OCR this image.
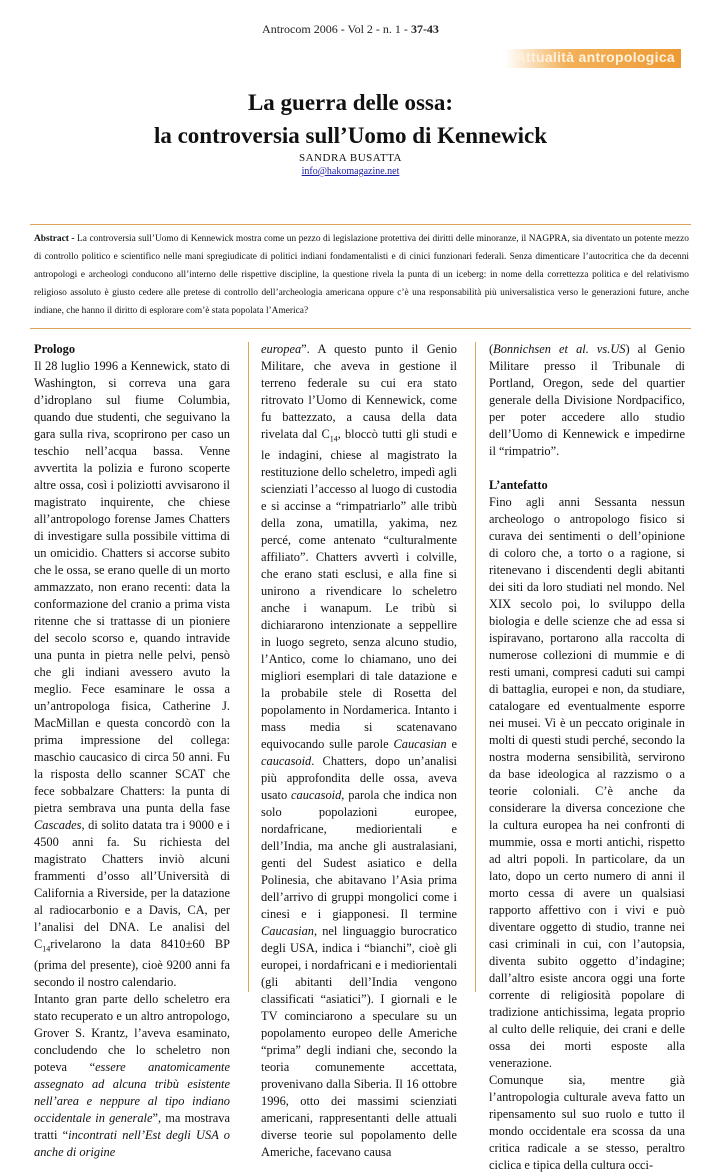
Antrocom 2006 - Vol 2 - n. 1 - 37-43
Attualità antropologica
La guerra delle ossa:
la controversia sull’Uomo di Kennewick
SANDRA BUSATTA
info@hakomagazine.net
Abstract - La controversia sull’Uomo di Kennewick mostra come un pezzo di legislazione protettiva dei diritti delle minoranze, il NAGPRA, sia diventato un potente mezzo di controllo politico e scientifico nelle mani spregiudicate di politici indiani fondamentalisti e di cinici funzionari federali. Senza dimenticare l’autocritica che da decenni antropologi e archeologi conducono all’interno delle rispettive discipline, la questione rivela la punta di un iceberg: in nome della correttezza politica e del relativismo religioso assoluto è giusto cedere alle pretese di controllo dell’archeologia americana oppure c’è una responsabilità più universalistica verso le generazioni future, anche indiane, che hanno il diritto di esplorare com’è stata popolata l’America?
Prologo

Il 28 luglio 1996 a Kennewick, stato di Washington, si correva una gara d’idroplano sul fiume Columbia, quando due studenti, che seguivano la gara sulla riva, scoprirono per caso un teschio nell’acqua bassa. Venne avvertita la polizia e furono scoperte altre ossa, così i poliziotti avvisarono il magistrato inquirente, che chiese all’antropologo forense James Chatters di investigare sulla possibile vittima di un omicidio. Chatters si accorse subito che le ossa, se erano quelle di un morto ammazzato, non erano recenti: data la conformazione del cranio a prima vista ritenne che si trattasse di un pioniere del secolo scorso e, quando intravide una punta in pietra nelle pelvi, pensò che gli indiani avessero avuto la meglio. Fece esaminare le ossa a un’antropologa fisica, Catherine J. MacMillan e questa concordò con la prima impressione del collega: maschio caucasico di circa 50 anni. Fu la risposta dello scanner SCAT che fece sobbalzare Chatters: la punta di pietra sembrava una punta della fase Cascades, di solito datata tra i 9000 e i 4500 anni fa. Su richiesta del magistrato Chatters inviò alcuni frammenti d’osso all’Università di California a Riverside, per la datazione al radiocarbonio e a Davis, CA, per l’analisi del DNA. Le analisi del $C_{14}rivelarono$ la data 8410±60 BP (prima del presente), cioè 9200 anni fa secondo il nostro calendario.

Intanto gran parte dello scheletro era stato recuperato e un altro antropologo, Grover S. Krantz, l’aveva esaminato, concludendo che lo scheletro non poteva “essere anatomicamente assegnato ad alcuna tribù esistente nell’area e neppure al tipo indiano occidentale in generale”, ma mostrava tratti “incontrati nell’Est degli USA o anche di origine

europea”. A questo punto il Genio Militare, che aveva in gestione il terreno federale su cui era stato ritrovato l’Uomo di Kennewick, come fu battezzato, a causa della data rivelata dal $C_{14}$, bloccò tutti gli studi e le indagini, chiese al magistrato la restituzione dello scheletro, impedì agli scienziati l’accesso al luogo di custodia e si accinse a “rimpatriarlo” alle tribù della zona, umatilla, yakima, nez percé, come antenato “culturalmente affiliato”. Chatters avvertì i colville, che erano stati esclusi, e alla fine si unirono a rivendicare lo scheletro anche i wanapum. Le tribù si dichiararono intenzionate a seppellire in luogo segreto, senza alcuno studio, l’Antico, come lo chiamano, uno dei migliori esemplari di tale datazione e la probabile stele di Rosetta del popolamento in Nordamerica. Intanto i mass media si scatenavano equivocando sulle parole Caucasian e caucasoid. Chatters, dopo un’analisi più approfondita delle ossa, aveva usato caucasoid, parola che indica non solo popolazioni europee, nordafricane, mediorientali e dell’India, ma anche gli australasiani, genti del Sudest asiatico e della Polinesia, che abitavano l’Asia prima dell’arrivo di gruppi mongolici come i cinesi e i giapponesi. Il termine Caucasian, nel linguaggio burocratico degli USA, indica i “bianchi”, cioè gli europei, i nordafricani e i mediorientali (gli abitanti dell’India vengono classificati “asiatici”). I giornali e le TV cominciarono a speculare su un popolamento europeo delle Americhe “prima” degli indiani che, secondo la teoria comunemente accettata, provenivano dalla Siberia. Il 16 ottobre 1996, otto dei massimi scienziati americani, rappresentanti delle attuali diverse teorie sul popolamento delle Americhe, facevano causa

(Bonnichsen et al. vs.US) al Genio Militare presso il Tribunale di Portland, Oregon, sede del quartier generale della Divisione Nordpacifico, per poter accedere allo studio dell’Uomo di Kennewick e impedirne il “rimpatrio”.

L’antefatto

Fino agli anni Sessanta nessun archeologo o antropologo fisico si curava dei sentimenti o dell’opinione di coloro che, a torto o a ragione, si ritenevano i discendenti degli abitanti dei siti da loro studiati nel mondo. Nel XIX secolo poi, lo sviluppo della biologia e delle scienze che ad essa si ispiravano, portarono alla raccolta di numerose collezioni di mummie e di resti umani, compresi caduti sui campi di battaglia, europei e non, da studiare, catalogare ed eventualmente esporre nei musei. Vi è un peccato originale in molti di questi studi perché, secondo la nostra moderna sensibilità, servirono da base ideologica al razzismo o a teorie coloniali. C’è anche da considerare la diversa concezione che la cultura europea ha nei confronti di mummie, ossa e morti antichi, rispetto ad altri popoli. In particolare, da un lato, dopo un certo numero di anni il morto cessa di avere un qualsiasi rapporto affettivo con i vivi e può diventare oggetto di studio, tranne nei casi criminali in cui, con l’autopsia, diventa subito oggetto d’indagine; dall’altro esiste ancora oggi una forte corrente di religiosità popolare di tradizione antichissima, legata proprio al culto delle reliquie, dei crani e delle ossa dei morti esposte alla venerazione.

Comunque sia, mentre già l’antropologia culturale aveva fatto un ripensamento sul suo ruolo e tutto il mondo occidentale era scossa da una critica radicale a se stesso, peraltro ciclica e tipica della cultura occi-
